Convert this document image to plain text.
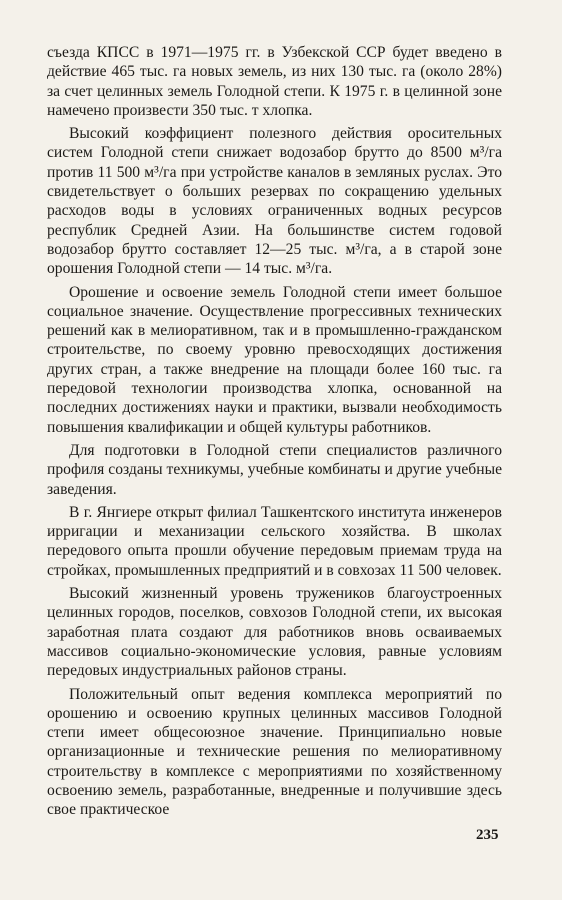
съезда КПСС в 1971—1975 гг. в Узбекской ССР будет введено в действие 465 тыс. га новых земель, из них 130 тыс. га (около 28%) за счет целинных земель Голодной степи. К 1975 г. в целинной зоне намечено произвести 350 тыс. т хлопка.

Высокий коэффициент полезного действия оросительных систем Голодной степи снижает водозабор брутто до 8500 м³/га против 11 500 м³/га при устройстве каналов в земляных руслах. Это свидетельствует о больших резервах по сокращению удельных расходов воды в условиях ограниченных водных ресурсов республик Средней Азии. На большинстве систем годовой водозабор брутто составляет 12—25 тыс. м³/га, а в старой зоне орошения Голодной степи — 14 тыс. м³/га.

Орошение и освоение земель Голодной степи имеет большое социальное значение. Осуществление прогрессивных технических решений как в мелиоративном, так и в промышленно-гражданском строительстве, по своему уровню превосходящих достижения других стран, а также внедрение на площади более 160 тыс. га передовой технологии производства хлопка, основанной на последних достижениях науки и практики, вызвали необходимость повышения квалификации и общей культуры работников.

Для подготовки в Голодной степи специалистов различного профиля созданы техникумы, учебные комбинаты и другие учебные заведения.

В г. Янгиере открыт филиал Ташкентского института инженеров ирригации и механизации сельского хозяйства. В школах передового опыта прошли обучение передовым приемам труда на стройках, промышленных предприятий и в совхозах 11 500 человек.

Высокий жизненный уровень тружеников благоустроенных целинных городов, поселков, совхозов Голодной степи, их высокая заработная плата создают для работников вновь осваиваемых массивов социально-экономические условия, равные условиям передовых индустриальных районов страны.

Положительный опыт ведения комплекса мероприятий по орошению и освоению крупных целинных массивов Голодной степи имеет общесоюзное значение. Принципиально новые организационные и технические решения по мелиоративному строительству в комплексе с мероприятиями по хозяйственному освоению земель, разработанные, внедренные и получившие здесь свое практическое

235
